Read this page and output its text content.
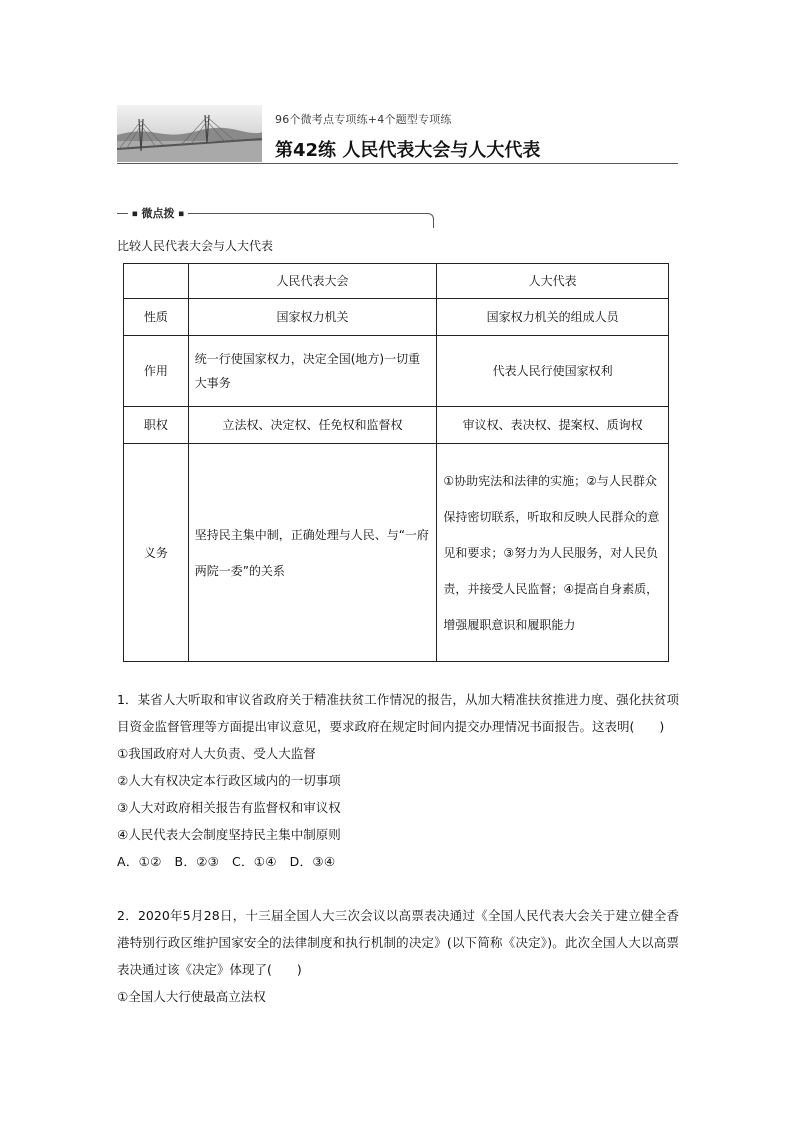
96个微考点专项练+4个题型专项练
第42练 人民代表大会与人大代表
■ 微点拨 ■
比较人民代表大会与人大代表
	人民代表大会	人大代表
性质	国家权力机关	国家权力机关的组成人员
作用	统一行使国家权力，决定全国(地方)一切重大事务	代表人民行使国家权利
职权	立法权、决定权、任免权和监督权	审议权、表决权、提案权、质询权
义务	坚持民主集中制，正确处理与人民、与“一府两院一委”的关系	①协助宪法和法律的实施；②与人民群众保持密切联系，听取和反映人民群众的意见和要求；③努力为人民服务，对人民负责，并接受人民监督；④提高自身素质，增强履职意识和履职能力
1．某省人大听取和审议省政府关于精准扶贫工作情况的报告，从加大精准扶贫推进力度、强化扶贫项目资金监督管理等方面提出审议意见，要求政府在规定时间内提交办理情况书面报告。这表明(　　)
①我国政府对人大负责、受人大监督
②人大有权决定本行政区域内的一切事项
③人大对政府相关报告有监督权和审议权
④人民代表大会制度坚持民主集中制原则
A．①②　B．②③　C．①④　D．③④
2．2020年5月28日，十三届全国人大三次会议以高票表决通过《全国人民代表大会关于建立健全香港特别行政区维护国家安全的法律制度和执行机制的决定》(以下简称《决定》)。此次全国人大以高票表决通过该《决定》体现了(　　)
①全国人大行使最高立法权
